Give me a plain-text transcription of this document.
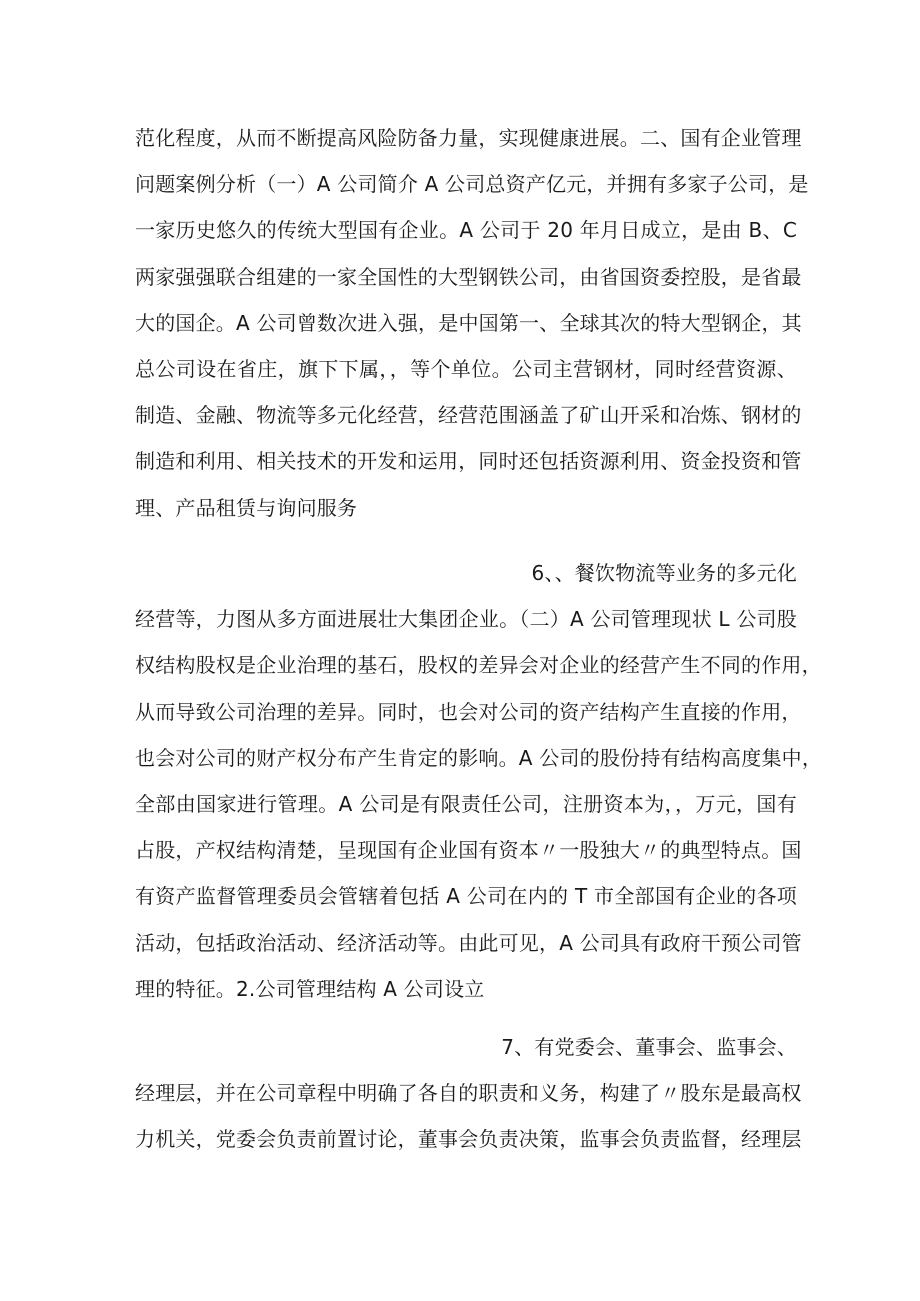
范化程度，从而不断提高风险防备力量，实现健康进展。二、国有企业管理
问题案例分析（一）A 公司简介 A 公司总资产亿元，并拥有多家子公司，是
一家历史悠久的传统大型国有企业。A 公司于 20 年月日成立，是由 B、C
两家强强联合组建的一家全国性的大型钢铁公司，由省国资委控股，是省最
大的国企。A 公司曾数次进入强，是中国第一、全球其次的特大型钢企，其
总公司设在省庄，旗下下属，，等个单位。公司主营钢材，同时经营资源、
制造、金融、物流等多元化经营，经营范围涵盖了矿山开采和冶炼、钢材的
制造和利用、相关技术的开发和运用，同时还包括资源利用、资金投资和管
理、产品租赁与询问服务
6、、餐饮物流等业务的多元化
经营等，力图从多方面进展壮大集团企业。（二）A 公司管理现状 L 公司股
权结构股权是企业治理的基石，股权的差异会对企业的经营产生不同的作用，
从而导致公司治理的差异。同时，也会对公司的资产结构产生直接的作用，
也会对公司的财产权分布产生肯定的影响。A 公司的股份持有结构高度集中，
全部由国家进行管理。A 公司是有限责任公司，注册资本为，，万元，国有
占股，产权结构清楚，呈现国有企业国有资本〃一股独大〃的典型特点。国
有资产监督管理委员会管辖着包括 A 公司在内的 T 市全部国有企业的各项
活动，包括政治活动、经济活动等。由此可见，A 公司具有政府干预公司管
理的特征。2.公司管理结构 A 公司设立
7、有党委会、董事会、监事会、
经理层，并在公司章程中明确了各自的职责和义务，构建了〃股东是最高权
力机关，党委会负责前置讨论，董事会负责决策，监事会负责监督，经理层
